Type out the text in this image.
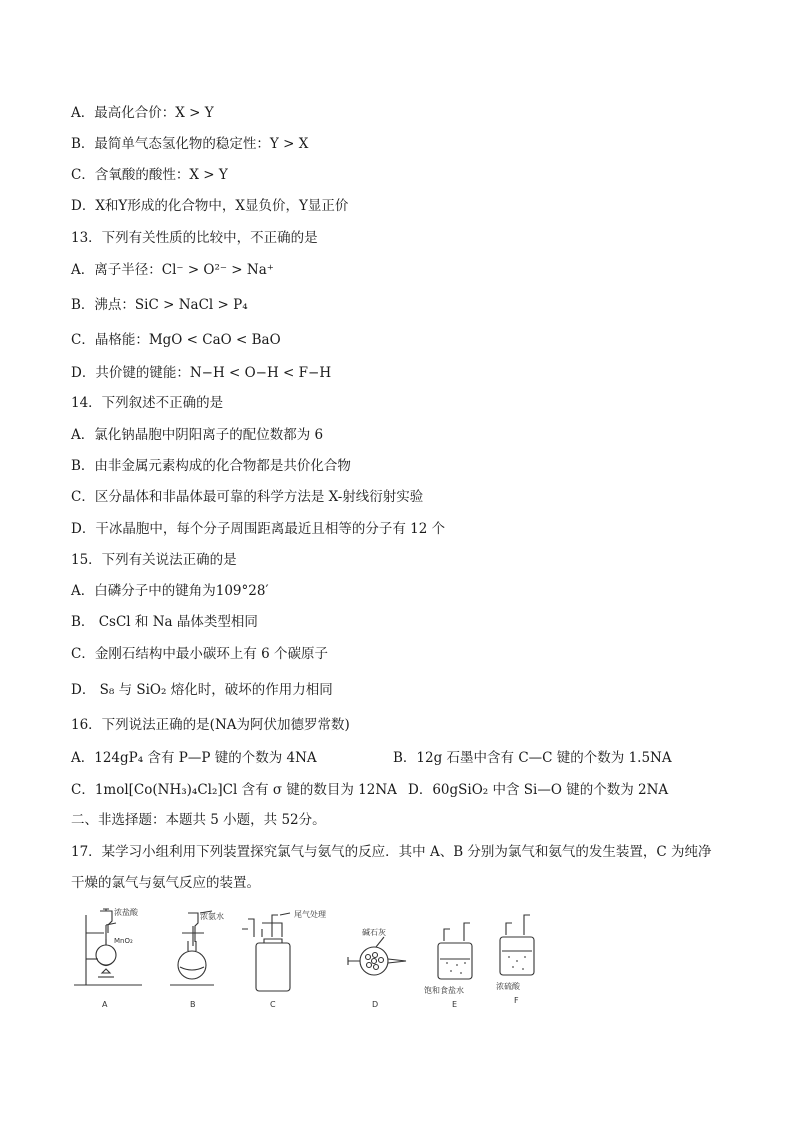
A．最高化合价：X > Y
B．最简单气态氢化物的稳定性：Y > X
C．含氧酸的酸性：X > Y
D．X和Y形成的化合物中，X显负价，Y显正价
13．下列有关性质的比较中，不正确的是
A．离子半径：Cl⁻ > O²⁻ > Na⁺
B．沸点：SiC > NaCl > P₄
C．晶格能：MgO < CaO < BaO
D．共价键的键能：N−H < O−H < F−H
14．下列叙述不正确的是
A．氯化钠晶胞中阴阳离子的配位数都为 6
B．由非金属元素构成的化合物都是共价化合物
C．区分晶体和非晶体最可靠的科学方法是 X-射线衍射实验
D．干冰晶胞中，每个分子周围距离最近且相等的分子有 12 个
15．下列有关说法正确的是
A．白磷分子中的键角为109°28′
B． CsCl 和 Na 晶体类型相同
C．金刚石结构中最小碳环上有 6 个碳原子
D． S₈ 与 SiO₂ 熔化时，破坏的作用力相同
16．下列说法正确的是(NA为阿伏加德罗常数)
A．124gP₄ 含有 P—P 键的个数为 4NA	B．12g 石墨中含有 C—C 键的个数为 1.5NA
C．1mol[Co(NH₃)₄Cl₂]Cl 含有 σ 键的数目为 12NA D．60gSiO₂ 中含 Si—O 键的个数为 2NA
二、非选择题：本题共 5 小题，共 52分。
17．某学习小组利用下列装置探究氯气与氨气的反应．其中 A、B 分别为氯气和氨气的发生装置，C 为纯净
干燥的氯气与氨气反应的装置。
浓盐酸
MnO₂
A
浓氨水
B
尾气处理
C
碱石灰
D
饱和食盐水
E
浓硫酸
F
